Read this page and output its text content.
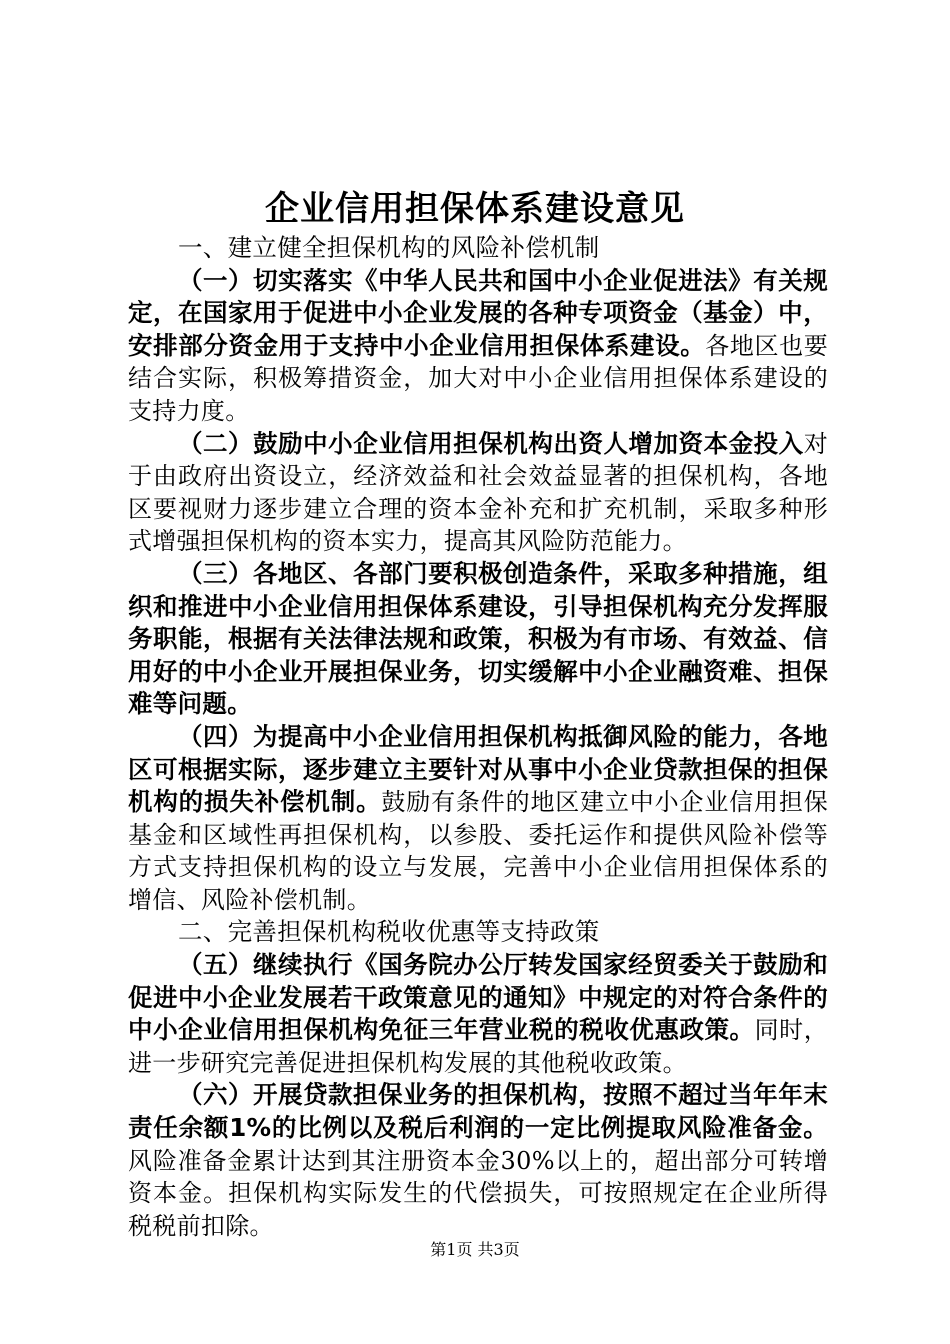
企业信用担保体系建设意见

一、建立健全担保机构的风险补偿机制

（一）切实落实《中华人民共和国中小企业促进法》有关规定，在国家用于促进中小企业发展的各种专项资金（基金）中，安排部分资金用于支持中小企业信用担保体系建设。各地区也要结合实际，积极筹措资金，加大对中小企业信用担保体系建设的支持力度。

（二）鼓励中小企业信用担保机构出资人增加资本金投入对于由政府出资设立，经济效益和社会效益显著的担保机构，各地区要视财力逐步建立合理的资本金补充和扩充机制，采取多种形式增强担保机构的资本实力，提高其风险防范能力。

（三）各地区、各部门要积极创造条件，采取多种措施，组织和推进中小企业信用担保体系建设，引导担保机构充分发挥服务职能，根据有关法律法规和政策，积极为有市场、有效益、信用好的中小企业开展担保业务，切实缓解中小企业融资难、担保难等问题。

（四）为提高中小企业信用担保机构抵御风险的能力，各地区可根据实际，逐步建立主要针对从事中小企业贷款担保的担保机构的损失补偿机制。鼓励有条件的地区建立中小企业信用担保基金和区域性再担保机构，以参股、委托运作和提供风险补偿等方式支持担保机构的设立与发展，完善中小企业信用担保体系的增信、风险补偿机制。

二、完善担保机构税收优惠等支持政策

（五）继续执行《国务院办公厅转发国家经贸委关于鼓励和促进中小企业发展若干政策意见的通知》中规定的对符合条件的中小企业信用担保机构免征三年营业税的税收优惠政策。同时，进一步研究完善促进担保机构发展的其他税收政策。

（六）开展贷款担保业务的担保机构，按照不超过当年年末责任余额1%的比例以及税后利润的一定比例提取风险准备金。风险准备金累计达到其注册资本金30%以上的，超出部分可转增资本金。担保机构实际发生的代偿损失，可按照规定在企业所得税税前扣除。

第1页 共3页
